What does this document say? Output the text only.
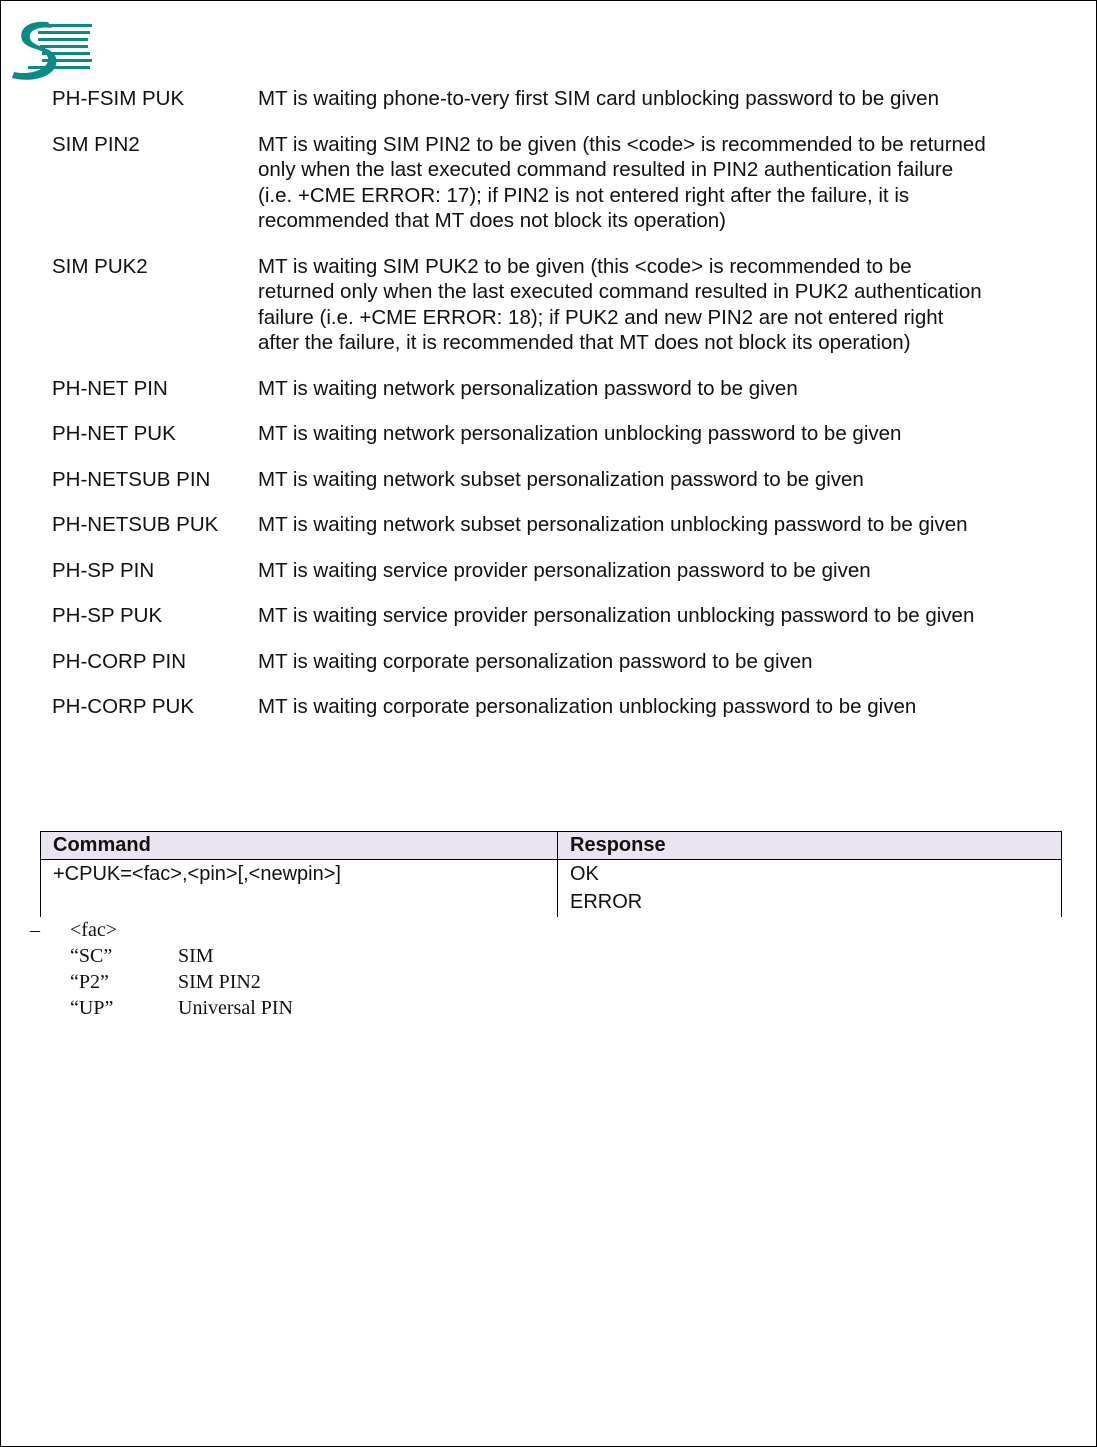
PH-FSIM PUK	MT is waiting phone-to-very first SIM card unblocking password to be given
SIM PIN2	MT is waiting SIM PIN2 to be given (this <code> is recommended to be returned
only when the last executed command resulted in PIN2 authentication failure
(i.e. +CME ERROR: 17); if PIN2 is not entered right after the failure, it is
recommended that MT does not block its operation)
SIM PUK2	MT is waiting SIM PUK2 to be given (this <code> is recommended to be
returned only when the last executed command resulted in PUK2 authentication
failure (i.e. +CME ERROR: 18); if PUK2 and new PIN2 are not entered right
after the failure, it is recommended that MT does not block its operation)
PH-NET PIN	MT is waiting network personalization password to be given
PH-NET PUK	MT is waiting network personalization unblocking password to be given
PH-NETSUB PIN	MT is waiting network subset personalization password to be given
PH-NETSUB PUK	MT is waiting network subset personalization unblocking password to be given
PH-SP PIN	MT is waiting service provider personalization password to be given
PH-SP PUK	MT is waiting service provider personalization unblocking password to be given
PH-CORP PIN	MT is waiting corporate personalization password to be given
PH-CORP PUK	MT is waiting corporate personalization unblocking password to be given
Command	Response
+CPUK=<fac>,<pin>[,<newpin>]	OK
ERROR
–	<fac>
“SC”	SIM
“P2”	SIM PIN2
“UP”	Universal PIN
